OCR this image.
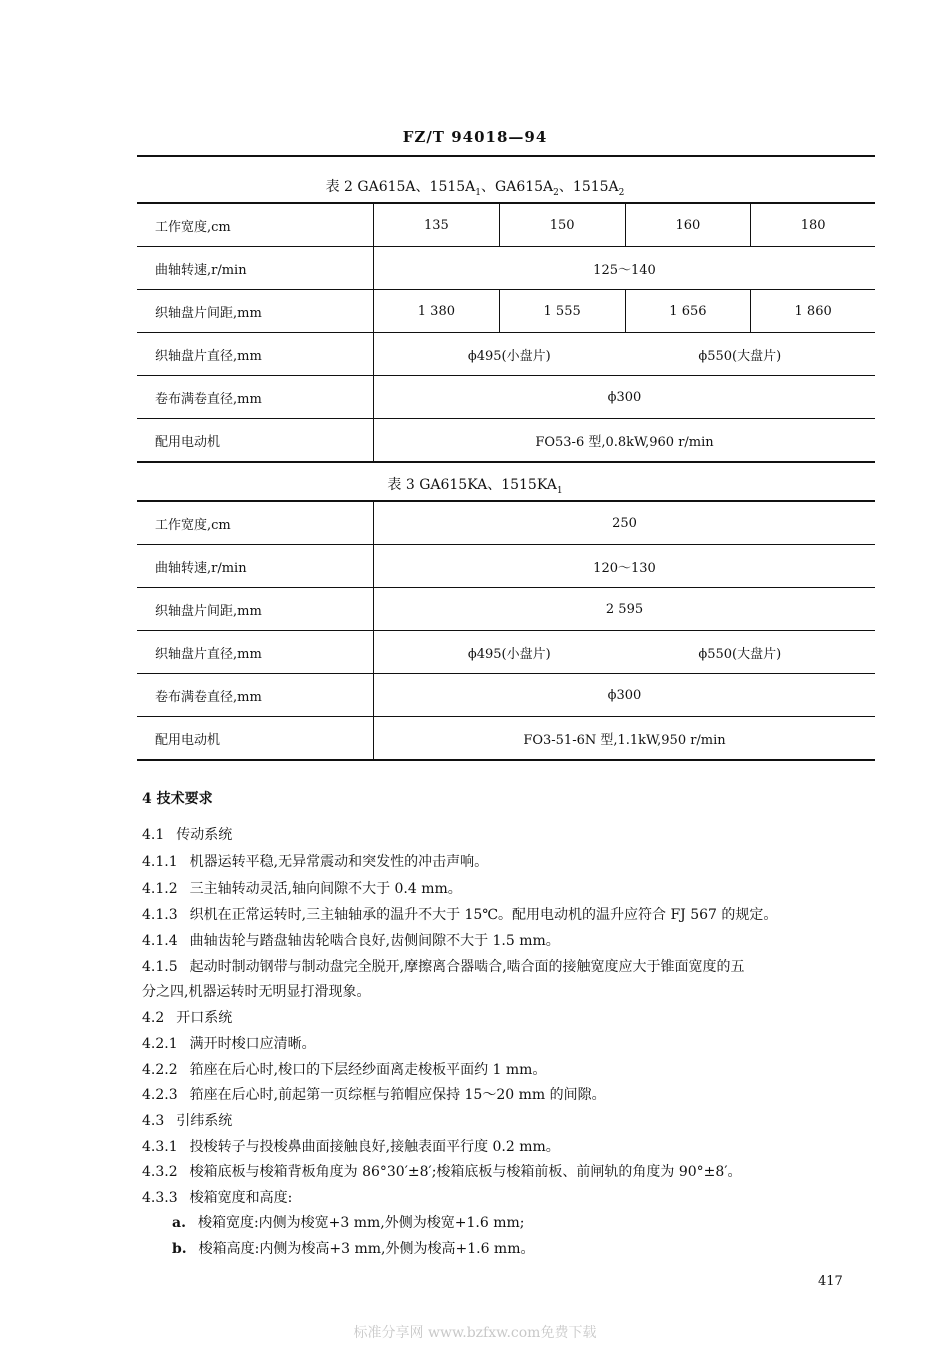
FZ/T 94018—94
表 2 GA615A、$1515A_1$、$GA615A_2$、$1515A_2$
工作宽度,cm	135	150	160	180
曲轴转速,r/min	125～140			
织轴盘片间距,mm	1 380	1 555	1 656	1 860
织轴盘片直径,mm	ϕ495(小盘片) ϕ550(大盘片)			

卷布满卷直径,mm	ϕ300			
配用电动机	FO53-6 型,0.8kW,960 r/min			
表 3 GA615KA、$1515KA_1$
工作宽度,cm	250
曲轴转速,r/min	120～130
织轴盘片间距,mm	2 595
织轴盘片直径,mm	ϕ495(小盘片) ϕ550(大盘片)

卷布满卷直径,mm	ϕ300
配用电动机	FO3-51-6N 型,1.1kW,950 r/min
4 技术要求
4.1 传动系统
4.1.1 机器运转平稳,无异常震动和突发性的冲击声响。
4.1.2 三主轴转动灵活,轴向间隙不大于 0.4 mm。
4.1.3 织机在正常运转时,三主轴轴承的温升不大于 15℃。配用电动机的温升应符合 FJ 567 的规定。
4.1.4 曲轴齿轮与踏盘轴齿轮啮合良好,齿侧间隙不大于 1.5 mm。
4.1.5 起动时制动钢带与制动盘完全脱开,摩擦离合器啮合,啮合面的接触宽度应大于锥面宽度的五
分之四,机器运转时无明显打滑现象。
4.2 开口系统
4.2.1 满开时梭口应清晰。
4.2.2 筘座在后心时,梭口的下层经纱面离走梭板平面约 1 mm。
4.2.3 筘座在后心时,前起第一页综框与筘帽应保持 15～20 mm 的间隙。
4.3 引纬系统
4.3.1 投梭转子与投梭鼻曲面接触良好,接触表面平行度 0.2 mm。
4.3.2 梭箱底板与梭箱背板角度为 86°30′±8′;梭箱底板与梭箱前板、前闸轨的角度为 90°±8′。
4.3.3 梭箱宽度和高度:
a. 梭箱宽度:内侧为梭宽+3 mm,外侧为梭宽+1.6 mm;
b. 梭箱高度:内侧为梭高+3 mm,外侧为梭高+1.6 mm。
417
标准分享网 www.bzfxw.com免费下载
